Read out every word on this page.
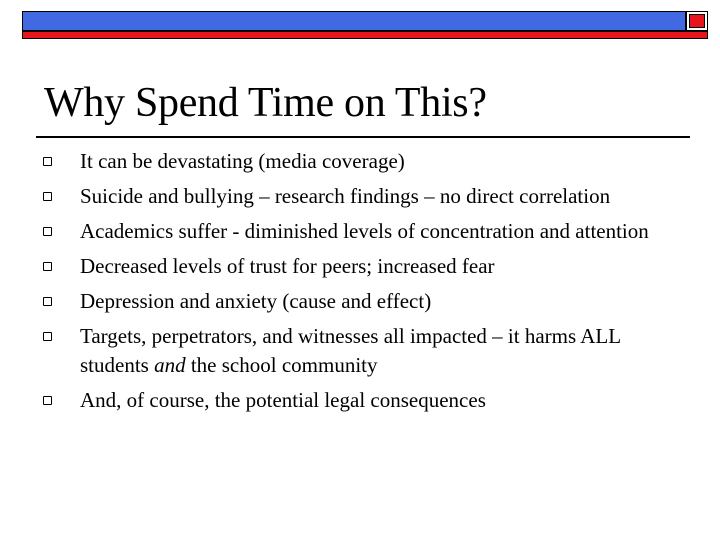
Why Spend Time on This?
It can be devastating (media coverage)
Suicide and bullying – research findings – no direct correlation
Academics suffer - diminished levels of concentration and attention
Decreased levels of trust for peers; increased fear
Depression and anxiety (cause and effect)
Targets, perpetrators, and witnesses all impacted – it harms ALL students and the school community
And, of course, the potential legal consequences
